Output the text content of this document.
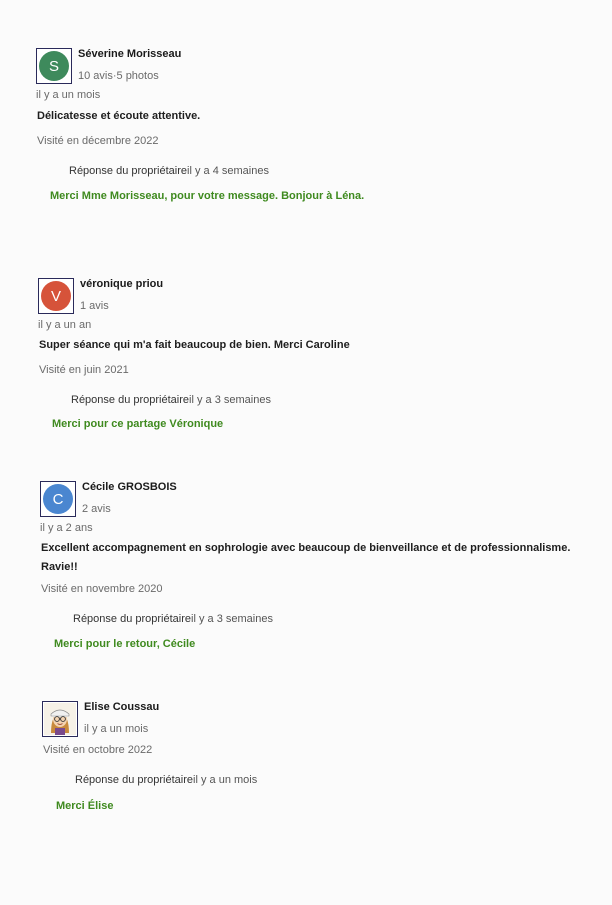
S
Séverine Morisseau
10 avis·5 photos
il y a un mois
Délicatesse et écoute attentive.
Visité en décembre 2022
Réponse du propriétaireil y a 4 semaines
Merci Mme Morisseau, pour votre message. Bonjour à Léna.
V
véronique priou
1 avis
il y a un an
Super séance qui m'a fait beaucoup de bien. Merci Caroline
Visité en juin 2021
Réponse du propriétaireil y a 3 semaines
Merci pour ce partage Véronique
C
Cécile GROSBOIS
2 avis
il y a 2 ans
Excellent accompagnement en sophrologie avec beaucoup de bienveillance et de professionnalisme. Ravie!!
Visité en novembre 2020
Réponse du propriétaireil y a 3 semaines
Merci pour le retour, Cécile
Elise Coussau
il y a un mois
Visité en octobre 2022
Réponse du propriétaireil y a un mois
Merci Élise
